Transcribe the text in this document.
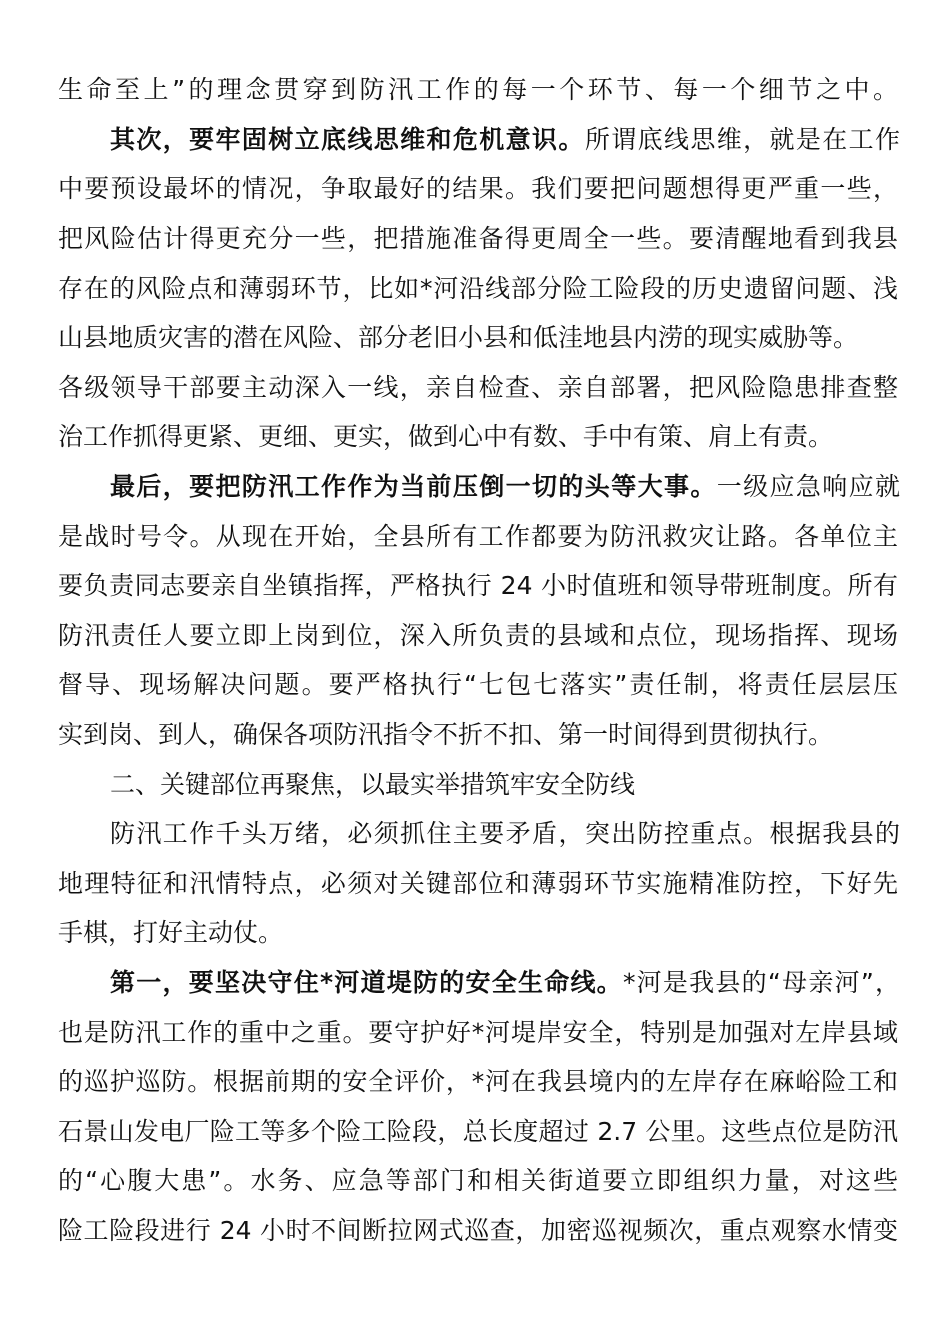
生命至上”的理念贯穿到防汛工作的每一个环节、每一个细节之中。
其次，要牢固树立底线思维和危机意识。所谓底线思维，就是在工作
中要预设最坏的情况，争取最好的结果。我们要把问题想得更严重一些，
把风险估计得更充分一些，把措施准备得更周全一些。要清醒地看到我县
存在的风险点和薄弱环节，比如*河沿线部分险工险段的历史遗留问题、浅
山县地质灾害的潜在风险、部分老旧小县和低洼地县内涝的现实威胁等。
各级领导干部要主动深入一线，亲自检查、亲自部署，把风险隐患排查整
治工作抓得更紧、更细、更实，做到心中有数、手中有策、肩上有责。
最后，要把防汛工作作为当前压倒一切的头等大事。一级应急响应就
是战时号令。从现在开始，全县所有工作都要为防汛救灾让路。各单位主
要负责同志要亲自坐镇指挥，严格执行 24 小时值班和领导带班制度。所有
防汛责任人要立即上岗到位，深入所负责的县域和点位，现场指挥、现场
督导、现场解决问题。要严格执行“七包七落实”责任制，将责任层层压
实到岗、到人，确保各项防汛指令不折不扣、第一时间得到贯彻执行。
二、关键部位再聚焦，以最实举措筑牢安全防线
防汛工作千头万绪，必须抓住主要矛盾，突出防控重点。根据我县的
地理特征和汛情特点，必须对关键部位和薄弱环节实施精准防控，下好先
手棋，打好主动仗。
第一，要坚决守住*河道堤防的安全生命线。*河是我县的“母亲河”，
也是防汛工作的重中之重。要守护好*河堤岸安全，特别是加强对左岸县域
的巡护巡防。根据前期的安全评价，*河在我县境内的左岸存在麻峪险工和
石景山发电厂险工等多个险工险段，总长度超过 2.7 公里。这些点位是防汛
的“心腹大患”。水务、应急等部门和相关街道要立即组织力量，对这些
险工险段进行 24 小时不间断拉网式巡查，加密巡视频次，重点观察水情变
